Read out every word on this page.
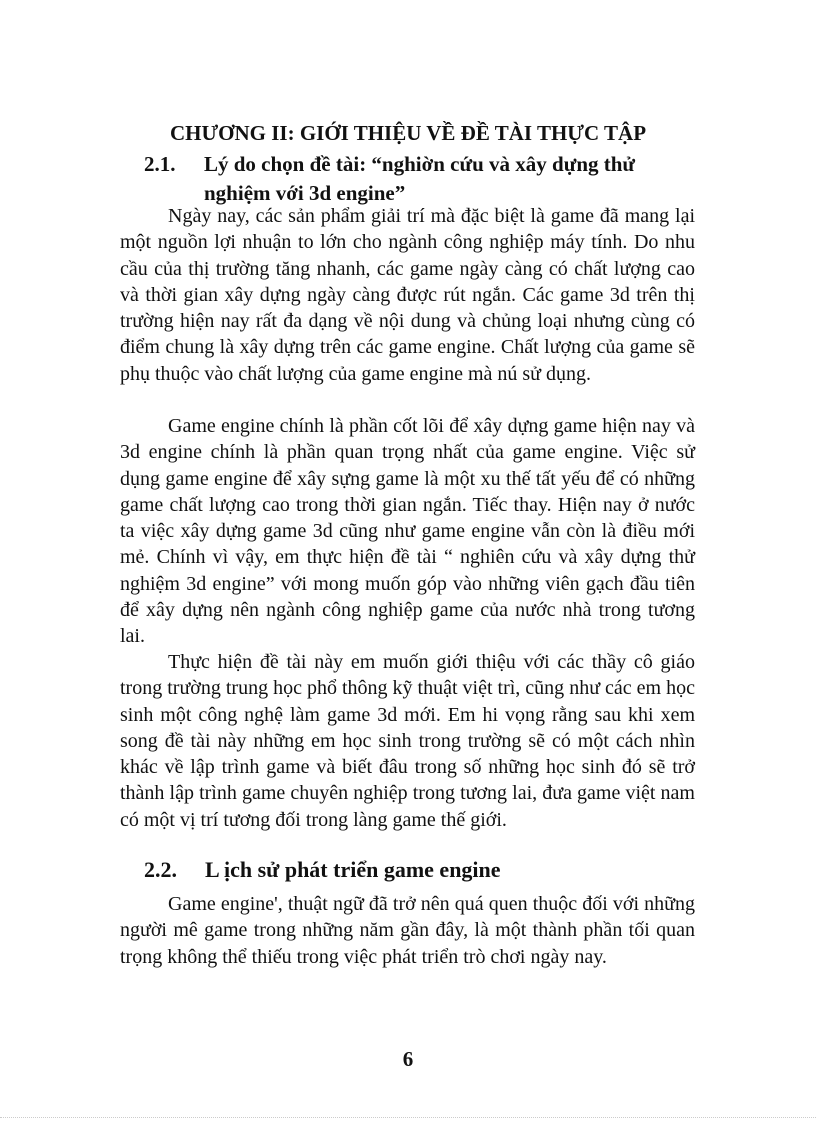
CHƯƠNG II: GIỚI THIỆU VỀ ĐỀ TÀI THỰC TẬP
2.1. Lý do chọn đề tài: “nghiờn cứu và xây dựng thử nghiệm với 3d engine”

Ngày nay, các sản phẩm giải trí mà đặc biệt là game đã mang lại một nguồn lợi nhuận to lớn cho ngành công nghiệp máy tính. Do nhu cầu của thị trường tăng nhanh, các game ngày càng có chất lượng cao và thời gian xây dựng ngày càng được rút ngắn. Các game 3d trên thị trường hiện nay rất đa dạng về nội dung và chủng loại nhưng cùng có điểm chung là xây dựng trên các game engine. Chất lượng của game sẽ phụ thuộc vào chất lượng của game engine mà nú sử dụng.

Game engine chính là phần cốt lõi để xây dựng game hiện nay và 3d engine chính là phần quan trọng nhất của game engine. Việc sử dụng game engine để xây sựng game là một xu thế tất yếu để có những game chất lượng cao trong thời gian ngắn. Tiếc thay. Hiện nay ở nước ta việc xây dựng game 3d cũng như game engine vẫn còn là điều mới mẻ. Chính vì vậy, em thực hiện đề tài “ nghiên cứu và xây dựng thử nghiệm 3d engine” với mong muốn góp vào những viên gạch đầu tiên để xây dựng nên ngành công nghiệp game của nước nhà trong tương lai.

Thực hiện đề tài này em muốn giới thiệu với các thầy cô giáo trong trường trung học phổ thông kỹ thuật việt trì, cũng như các em học sinh một công nghệ làm game 3d mới. Em hi vọng rằng sau khi xem song đề tài này những em học sinh trong trường sẽ có một cách nhìn khác về lập trình game và biết đâu trong số những học sinh đó sẽ trở thành lập trình game chuyên nghiệp trong tương lai, đưa game việt nam có một vị trí tương đối trong làng game thế giới.

2.2. L ịch sử phát triển game engine

Game engine', thuật ngữ đã trở nên quá quen thuộc đối với những người mê game trong những năm gần đây, là một thành phần tối quan trọng không thể thiếu trong việc phát triển trò chơi ngày nay.

6
